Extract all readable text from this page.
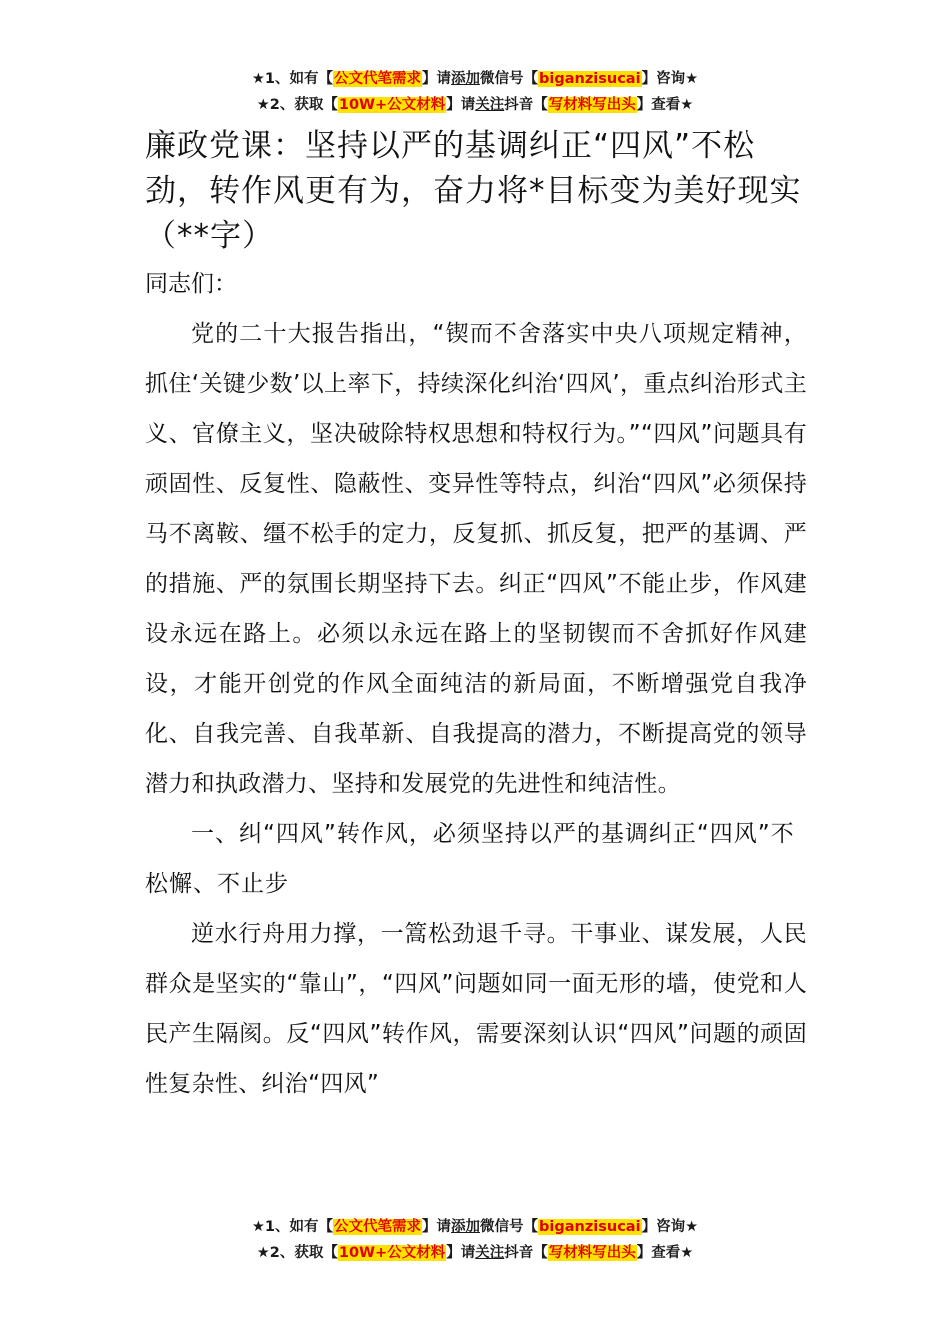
★1、如有【公文代笔需求】请添加微信号【biganzisucai】咨询★
★2、获取【10W+公文材料】请关注抖音【写材料写出头】查看★
廉政党课：坚持以严的基调纠正“四风”不松劲，转作风更有为，奋力将*目标变为美好现实（**字）

同志们：

党的二十大报告指出，“锲而不舍落实中央八项规定精神，抓住‘关键少数’以上率下，持续深化纠治‘四风’，重点纠治形式主义、官僚主义，坚决破除特权思想和特权行为。”“四风”问题具有顽固性、反复性、隐蔽性、变异性等特点，纠治“四风”必须保持马不离鞍、缰不松手的定力，反复抓、抓反复，把严的基调、严的措施、严的氛围长期坚持下去。纠正“四风”不能止步，作风建设永远在路上。必须以永远在路上的坚韧锲而不舍抓好作风建设，才能开创党的作风全面纯洁的新局面，不断增强党自我净化、自我完善、自我革新、自我提高的潜力，不断提高党的领导潜力和执政潜力、坚持和发展党的先进性和纯洁性。

一、纠“四风”转作风，必须坚持以严的基调纠正“四风”不松懈、不止步

逆水行舟用力撑，一篙松劲退千寻。干事业、谋发展，人民群众是坚实的“靠山”，“四风”问题如同一面无形的墙，使党和人民产生隔阂。反“四风”转作风，需要深刻认识“四风”问题的顽固性复杂性、纠治“四风”

★1、如有【公文代笔需求】请添加微信号【biganzisucai】咨询★
★2、获取【10W+公文材料】请关注抖音【写材料写出头】查看★
